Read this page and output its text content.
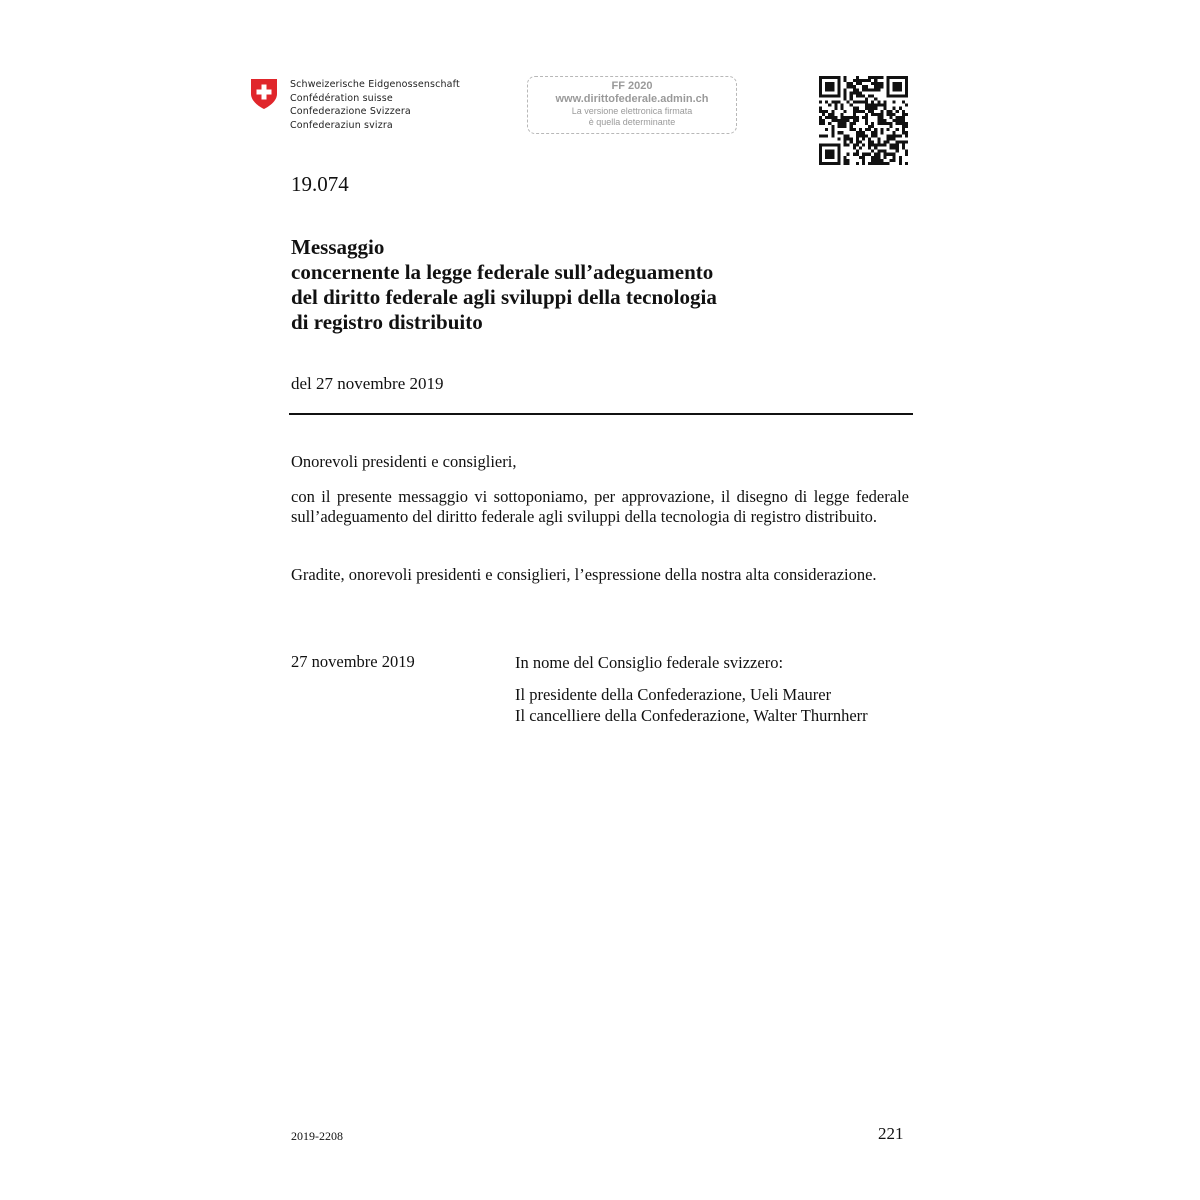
Schweizerische Eidgenossenschaft
Confédération suisse
Confederazione Svizzera
Confederaziun svizra
FF 2020
www.dirittofederale.admin.ch
La versione elettronica firmata
è quella determinante
19.074
Messaggio
concernente la legge federale sull’adeguamento
del diritto federale agli sviluppi della tecnologia
di registro distribuito
del 27 novembre 2019
Onorevoli presidenti e consiglieri,
con il presente messaggio vi sottoponiamo, per approvazione, il disegno di legge federale sull’adeguamento del diritto federale agli sviluppi della tecnologia di registro distribuito.
Gradite, onorevoli presidenti e consiglieri, l’espressione della nostra alta considerazione.
27 novembre 2019	In nome del Consiglio federale svizzero:
Il presidente della Confederazione, Ueli Maurer
Il cancelliere della Confederazione, Walter Thurnherr
2019-2208	221
